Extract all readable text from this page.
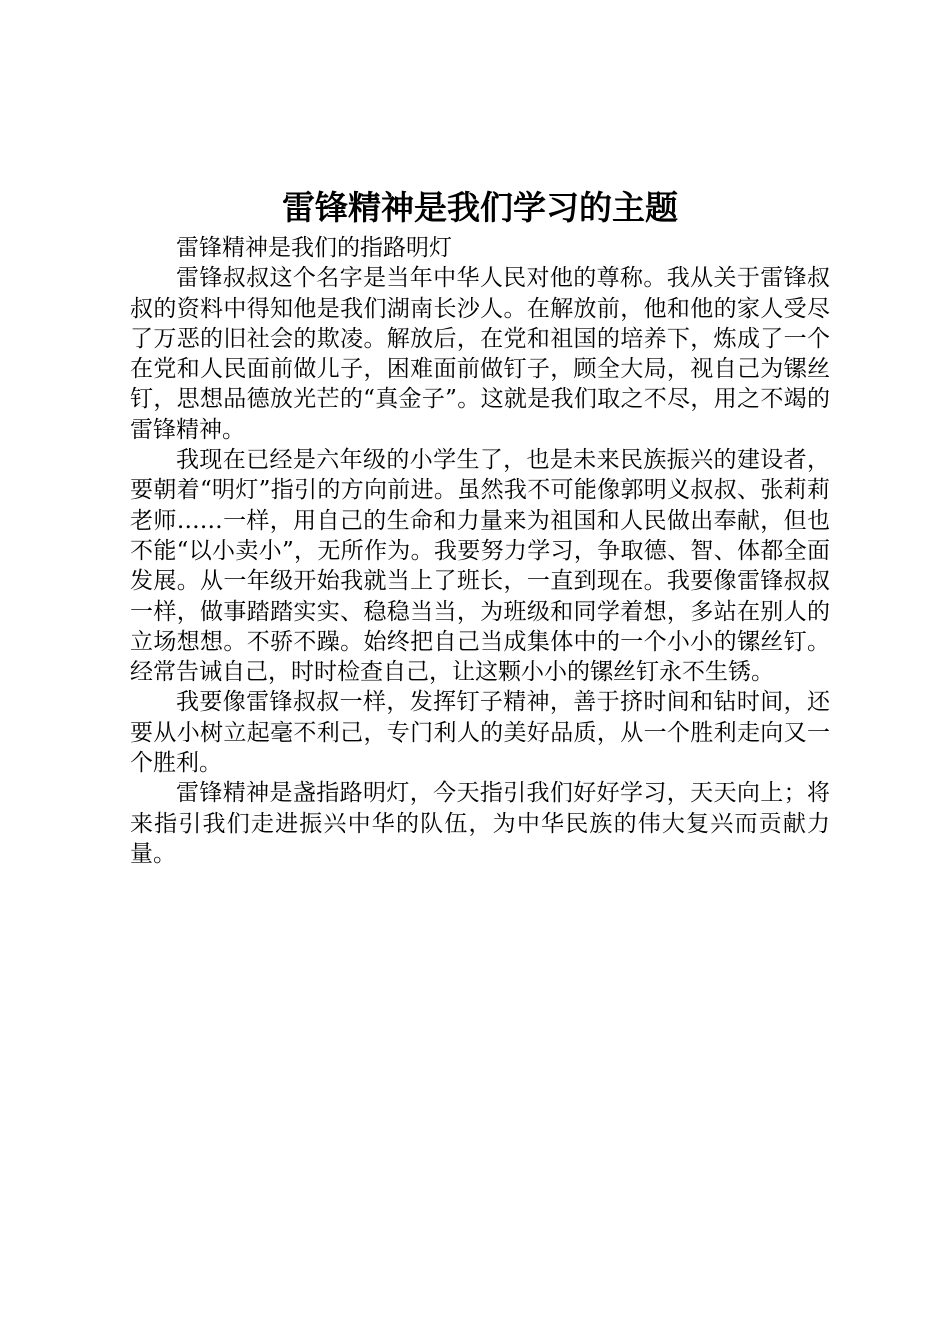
雷锋精神是我们学习的主题

雷锋精神是我们的指路明灯

雷锋叔叔这个名字是当年中华人民对他的尊称。我从关于雷锋叔叔的资料中得知他是我们湖南长沙人。在解放前，他和他的家人受尽了万恶的旧社会的欺凌。解放后，在党和祖国的培养下，炼成了一个在党和人民面前做儿子，困难面前做钉子，顾全大局，视自己为镙丝钉，思想品德放光芒的“真金子”。这就是我们取之不尽，用之不竭的雷锋精神。

我现在已经是六年级的小学生了，也是未来民族振兴的建设者，要朝着“明灯”指引的方向前进。虽然我不可能像郭明义叔叔、张莉莉老师……一样，用自己的生命和力量来为祖国和人民做出奉献，但也不能“以小卖小”，无所作为。我要努力学习，争取德、智、体都全面发展。从一年级开始我就当上了班长，一直到现在。我要像雷锋叔叔一样，做事踏踏实实、稳稳当当，为班级和同学着想，多站在别人的立场想想。不骄不躁。始终把自己当成集体中的一个小小的镙丝钉。经常告诫自己，时时检查自己，让这颗小小的镙丝钉永不生锈。

我要像雷锋叔叔一样，发挥钉子精神，善于挤时间和钻时间，还要从小树立起毫不利己，专门利人的美好品质，从一个胜利走向又一个胜利。

雷锋精神是盏指路明灯，今天指引我们好好学习，天天向上；将来指引我们走进振兴中华的队伍，为中华民族的伟大复兴而贡献力量。
